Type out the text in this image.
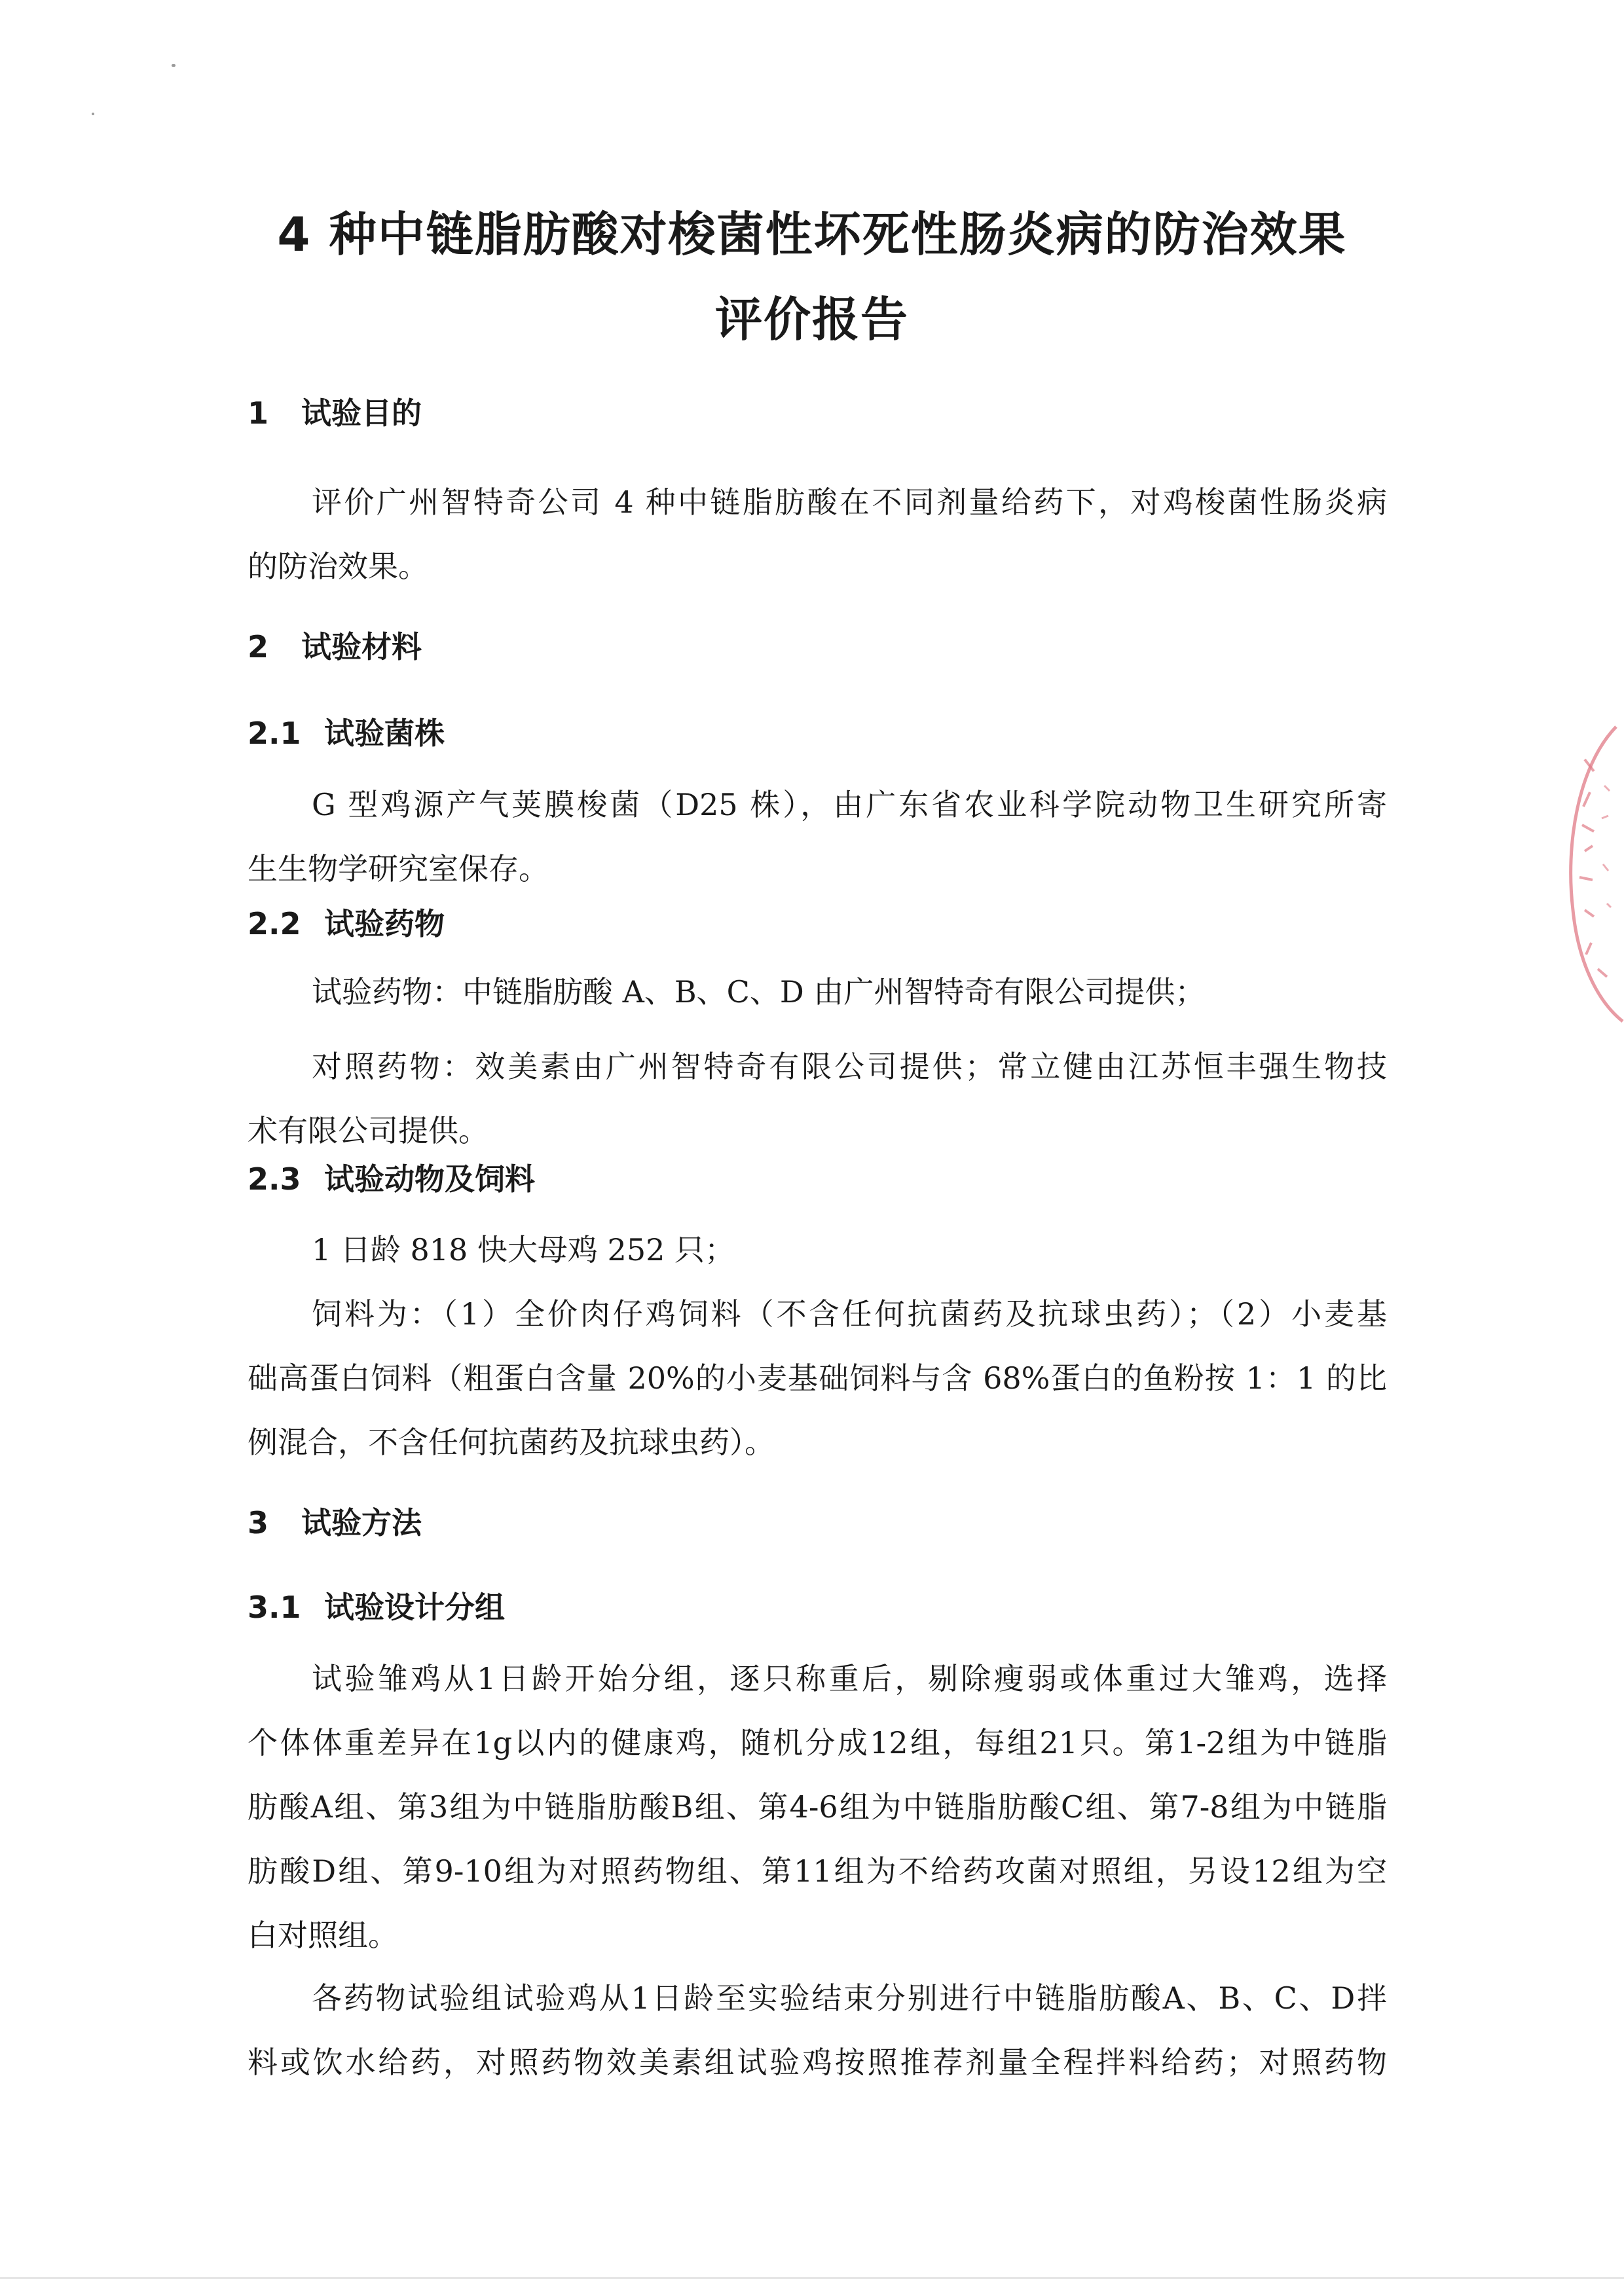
4 种中链脂肪酸对梭菌性坏死性肠炎病的防治效果
评价报告
1 试验目的
评价广州智特奇公司 4 种中链脂肪酸在不同剂量给药下，对鸡梭菌性肠炎病
的防治效果。
2 试验材料
2.1 试验菌株
G 型鸡源产气荚膜梭菌（D25 株），由广东省农业科学院动物卫生研究所寄
生生物学研究室保存。
2.2 试验药物
试验药物：中链脂肪酸 A、B、C、D 由广州智特奇有限公司提供；
对照药物：效美素由广州智特奇有限公司提供；常立健由江苏恒丰强生物技
术有限公司提供。
2.3 试验动物及饲料
1 日龄 818 快大母鸡 252 只；
饲料为：（1）全价肉仔鸡饲料（不含任何抗菌药及抗球虫药）；（2）小麦基
础高蛋白饲料（粗蛋白含量 20%的小麦基础饲料与含 68%蛋白的鱼粉按 1：1 的比
例混合，不含任何抗菌药及抗球虫药）。
3 试验方法
3.1 试验设计分组
试验雏鸡从1日龄开始分组，逐只称重后，剔除瘦弱或体重过大雏鸡，选择
个体体重差异在1g以内的健康鸡，随机分成12组，每组21只。第1-2组为中链脂
肪酸A组、第3组为中链脂肪酸B组、第4-6组为中链脂肪酸C组、第7-8组为中链脂
肪酸D组、第9-10组为对照药物组、第11组为不给药攻菌对照组，另设12组为空
白对照组。
各药物试验组试验鸡从1日龄至实验结束分别进行中链脂肪酸A、B、C、D拌
料或饮水给药，对照药物效美素组试验鸡按照推荐剂量全程拌料给药；对照药物
